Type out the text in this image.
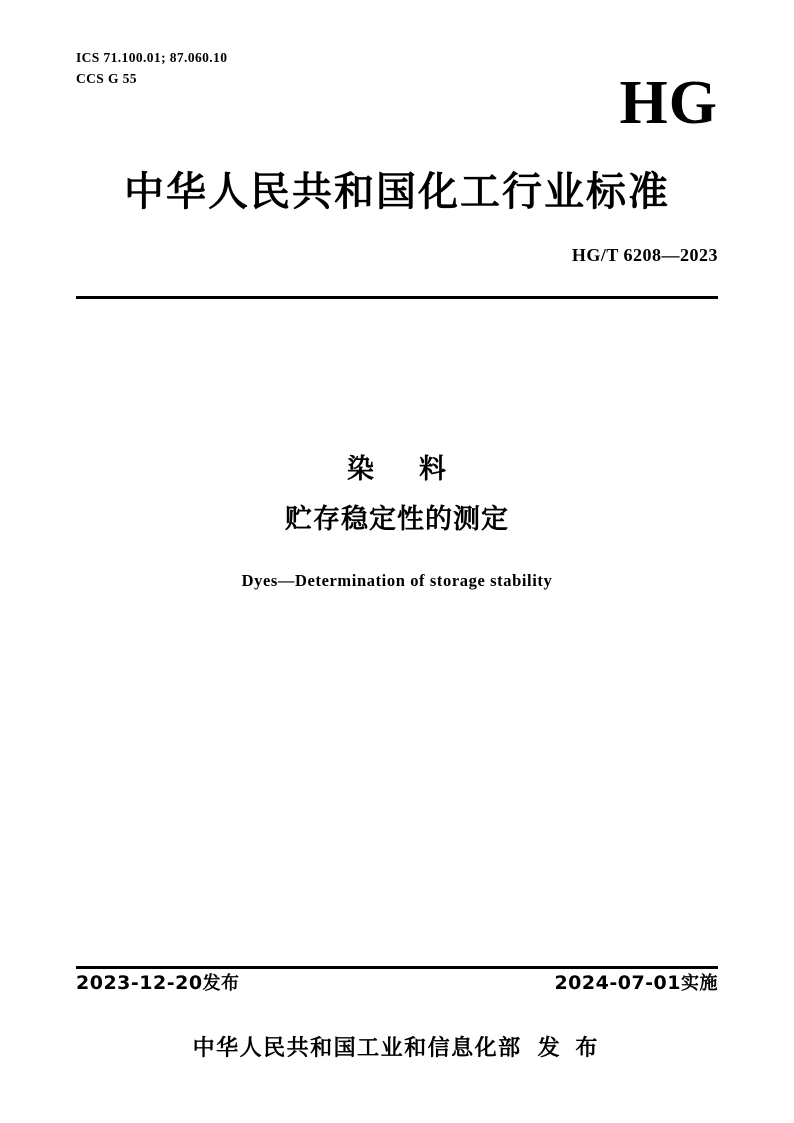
ICS 71.100.01; 87.060.10
CCS G 55	HG
中华人民共和国化工行业标准
HG/T 6208—2023
染 料
贮存稳定性的测定
Dyes—Determination of storage stability
2023-12-20发布	2024-07-01实施
中华人民共和国工业和信息化部 发 布
